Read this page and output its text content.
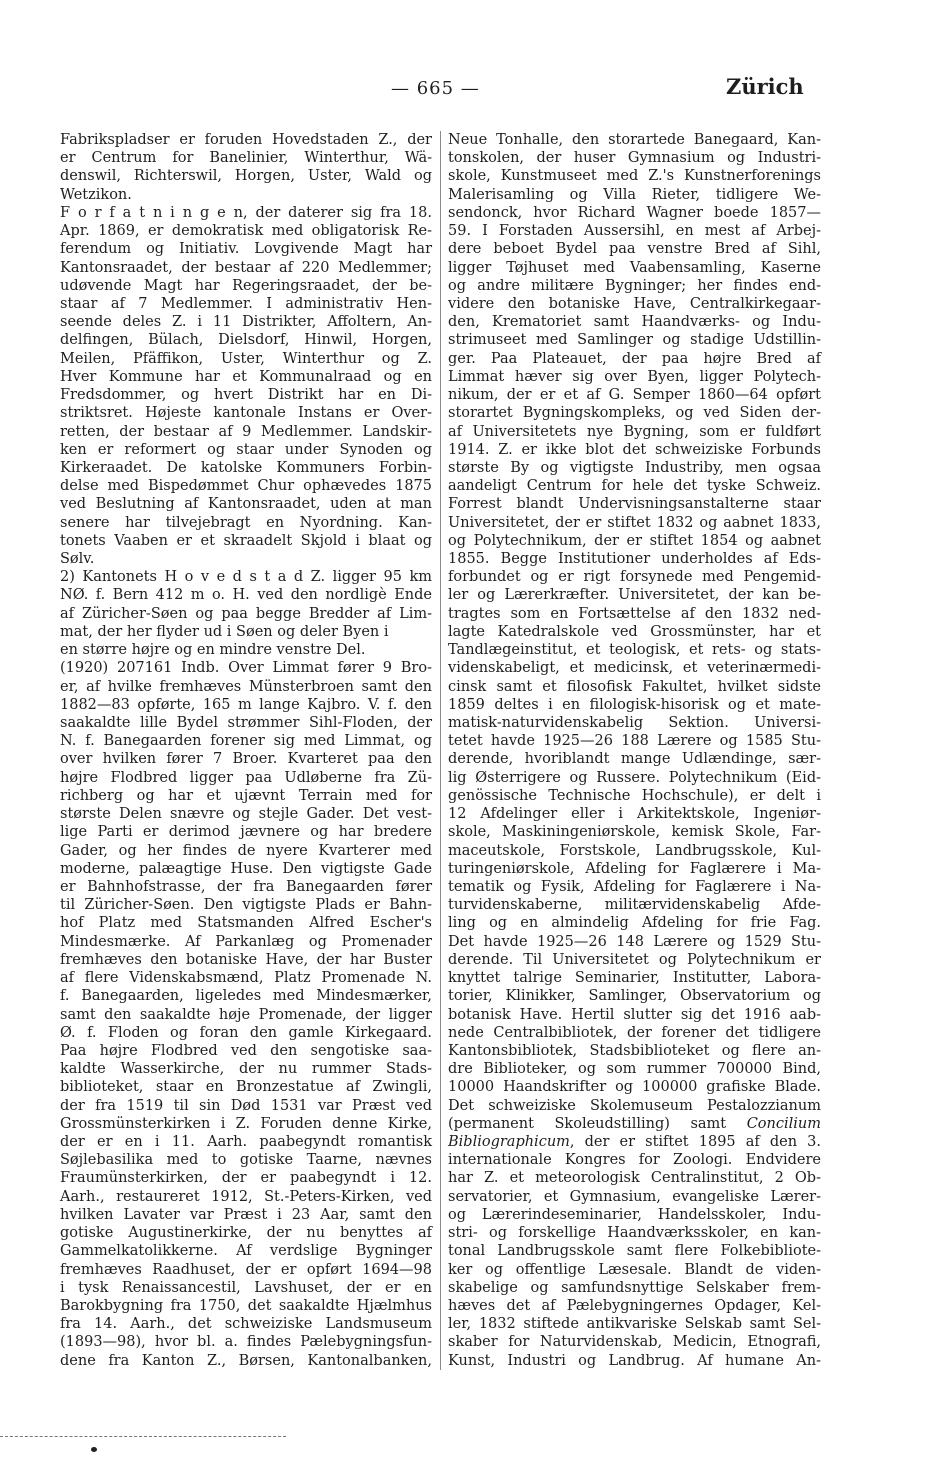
— 665 —	Zürich
Fabrikspladser er foruden Hovedstaden Z., der
er Centrum for Banelinier, Winterthur, Wä-
denswil, Richterswil, Horgen, Uster, Wald og
Wetzikon.
F o r f a t n i n g e n, der daterer sig fra 18.
Apr. 1869, er demokratisk med obligatorisk Re-
ferendum og Initiativ. Lovgivende Magt har
Kantonsraadet, der bestaar af 220 Medlemmer;
udøvende Magt har Regeringsraadet, der be-
staar af 7 Medlemmer. I administrativ Hen-
seende deles Z. i 11 Distrikter, Affoltern, An-
delfingen, Bülach, Dielsdorf, Hinwil, Horgen,
Meilen, Pfäffikon, Uster, Winterthur og Z.
Hver Kommune har et Kommunalraad og en
Fredsdommer, og hvert Distrikt har en Di-
striktsret. Højeste kantonale Instans er Over-
retten, der bestaar af 9 Medlemmer. Landskir-
ken er reformert og staar under Synoden og
Kirkeraadet. De katolske Kommuners Forbin-
delse med Bispedømmet Chur ophævedes 1875
ved Beslutning af Kantonsraadet, uden at man
senere har tilvejebragt en Nyordning. Kan-
tonets Vaaben er et skraadelt Skjold i blaat og
Sølv.
2) Kantonets H o v e d s t a d Z. ligger 95 km
NØ. f. Bern 412 m o. H. ved den nordligè Ende
af Züricher-Søen og paa begge Bredder af Lim-
mat, der her flyder ud i Søen og deler Byen i
en større højre og en mindre venstre Del.
(1920) 207161 Indb. Over Limmat fører 9 Bro-
er, af hvilke fremhæves Münsterbroen samt den
1882—83 opførte, 165 m lange Kajbro. V. f. den
saakaldte lille Bydel strømmer Sihl-Floden, der
N. f. Banegaarden forener sig med Limmat, og
over hvilken fører 7 Broer. Kvarteret paa den
højre Flodbred ligger paa Udløberne fra Zü-
richberg og har et ujævnt Terrain med for
største Delen snævre og stejle Gader. Det vest-
lige Parti er derimod jævnere og har bredere
Gader, og her findes de nyere Kvarterer med
moderne, palæagtige Huse. Den vigtigste Gade
er Bahnhofstrasse, der fra Banegaarden fører
til Züricher-Søen. Den vigtigste Plads er Bahn-
hof Platz med Statsmanden Alfred Escher's
Mindesmærke. Af Parkanlæg og Promenader
fremhæves den botaniske Have, der har Buster
af flere Videnskabsmænd, Platz Promenade N.
f. Banegaarden, ligeledes med Mindesmærker,
samt den saakaldte høje Promenade, der ligger
Ø. f. Floden og foran den gamle Kirkegaard.
Paa højre Flodbred ved den sengotiske saa-
kaldte Wasserkirche, der nu rummer Stads-
biblioteket, staar en Bronzestatue af Zwingli,
der fra 1519 til sin Død 1531 var Præst ved
Grossmünsterkirken i Z. Foruden denne Kirke,
der er en i 11. Aarh. paabegyndt romantisk
Søjlebasilika med to gotiske Taarne, nævnes
Fraumünsterkirken, der er paabegyndt i 12.
Aarh., restaureret 1912, St.-Peters-Kirken, ved
hvilken Lavater var Præst i 23 Aar, samt den
gotiske Augustinerkirke, der nu benyttes af
Gammelkatolikkerne. Af verdslige Bygninger
fremhæves Raadhuset, der er opført 1694—98
i tysk Renaissancestil, Lavshuset, der er en
Barokbygning fra 1750, det saakaldte Hjælmhus
fra 14. Aarh., det schweiziske Landsmuseum
(1893—98), hvor bl. a. findes Pælebygningsfun-
dene fra Kanton Z., Børsen, Kantonalbanken,
Neue Tonhalle, den storartede Banegaard, Kan-
tonskolen, der huser Gymnasium og Industri-
skole, Kunstmuseet med Z.'s Kunstnerforenings
Malerisamling og Villa Rieter, tidligere We-
sendonck, hvor Richard Wagner boede 1857—
59. I Forstaden Aussersihl, en mest af Arbej-
dere beboet Bydel paa venstre Bred af Sihl,
ligger Tøjhuset med Vaabensamling, Kaserne
og andre militære Bygninger; her findes end-
videre den botaniske Have, Centralkirkegaar-
den, Krematoriet samt Haandværks- og Indu-
strimuseet med Samlinger og stadige Udstillin-
ger. Paa Plateauet, der paa højre Bred af
Limmat hæver sig over Byen, ligger Polytech-
nikum, der er et af G. Semper 1860—64 opført
storartet Bygningskompleks, og ved Siden der-
af Universitetets nye Bygning, som er fuldført
1914. Z. er ikke blot det schweiziske Forbunds
største By og vigtigste Industriby, men ogsaa
aandeligt Centrum for hele det tyske Schweiz.
Forrest blandt Undervisningsanstalterne staar
Universitetet, der er stiftet 1832 og aabnet 1833,
og Polytechnikum, der er stiftet 1854 og aabnet
1855. Begge Institutioner underholdes af Eds-
forbundet og er rigt forsynede med Pengemid-
ler og Lærerkræfter. Universitetet, der kan be-
tragtes som en Fortsættelse af den 1832 ned-
lagte Katedralskole ved Grossmünster, har et
Tandlægeinstitut, et teologisk, et rets- og stats-
videnskabeligt, et medicinsk, et veterinærmedi-
cinsk samt et filosofisk Fakultet, hvilket sidste
1859 deltes i en filologisk-hisorisk og et mate-
matisk-naturvidenskabelig Sektion. Universi-
tetet havde 1925—26 188 Lærere og 1585 Stu-
derende, hvoriblandt mange Udlændinge, sær-
lig Østerrigere og Russere. Polytechnikum (Eid-
genössische Technische Hochschule), er delt i
12 Afdelinger eller i Arkitektskole, Ingeniør-
skole, Maskiningeniørskole, kemisk Skole, Far-
maceutskole, Forstskole, Landbrugsskole, Kul-
turingeniørskole, Afdeling for Faglærere i Ma-
tematik og Fysik, Afdeling for Faglærere i Na-
turvidenskaberne, militærvidenskabelig Afde-
ling og en almindelig Afdeling for frie Fag.
Det havde 1925—26 148 Lærere og 1529 Stu-
derende. Til Universitetet og Polytechnikum er
knyttet talrige Seminarier, Institutter, Labora-
torier, Klinikker, Samlinger, Observatorium og
botanisk Have. Hertil slutter sig det 1916 aab-
nede Centralbibliotek, der forener det tidligere
Kantonsbibliotek, Stadsbiblioteket og flere an-
dre Biblioteker, og som rummer 700000 Bind,
10000 Haandskrifter og 100000 grafiske Blade.
Det schweiziske Skolemuseum Pestalozzianum
(permanent Skoleudstilling) samt Concilium
Bibliographicum, der er stiftet 1895 af den 3.
internationale Kongres for Zoologi. Endvidere
har Z. et meteorologisk Centralinstitut, 2 Ob-
servatorier, et Gymnasium, evangeliske Lærer-
og Lærerindeseminarier, Handelsskoler, Indu-
stri- og forskellige Haandværksskoler, en kan-
tonal Landbrugsskole samt flere Folkebibliote-
ker og offentlige Læsesale. Blandt de viden-
skabelige og samfundsnyttige Selskaber frem-
hæves det af Pælebygningernes Opdager, Kel-
ler, 1832 stiftede antikvariske Selskab samt Sel-
skaber for Naturvidenskab, Medicin, Etnografi,
Kunst, Industri og Landbrug. Af humane An-
